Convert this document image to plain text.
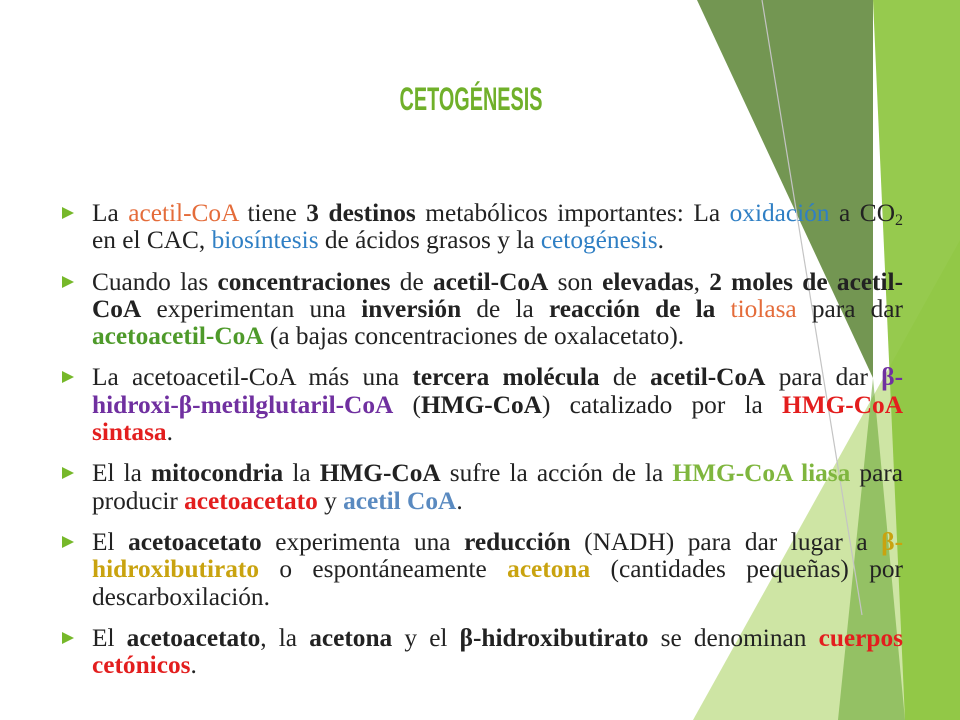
CETOGÉNESIS
La acetil-CoA tiene 3 destinos metabólicos importantes: La oxidación a $CO_2$
en el CAC, biosíntesis de ácidos grasos y la cetogénesis.
Cuando las concentraciones de acetil-CoA son elevadas, 2 moles de acetil-
CoA experimentan una inversión de la reacción de la tiolasa para dar
acetoacetil-CoA (a bajas concentraciones de oxalacetato).
La acetoacetil-CoA más una tercera molécula de acetil-CoA para dar β-
hidroxi-β-metilglutaril-CoA (HMG-CoA) catalizado por la HMG-CoA
sintasa.
El la mitocondria la HMG-CoA sufre la acción de la HMG-CoA liasa para
producir acetoacetato y acetil CoA.
El acetoacetato experimenta una reducción (NADH) para dar lugar a β-
hidroxibutirato o espontáneamente acetona (cantidades pequeñas) por
descarboxilación.
El acetoacetato, la acetona y el β-hidroxibutirato se denominan cuerpos
cetónicos.
